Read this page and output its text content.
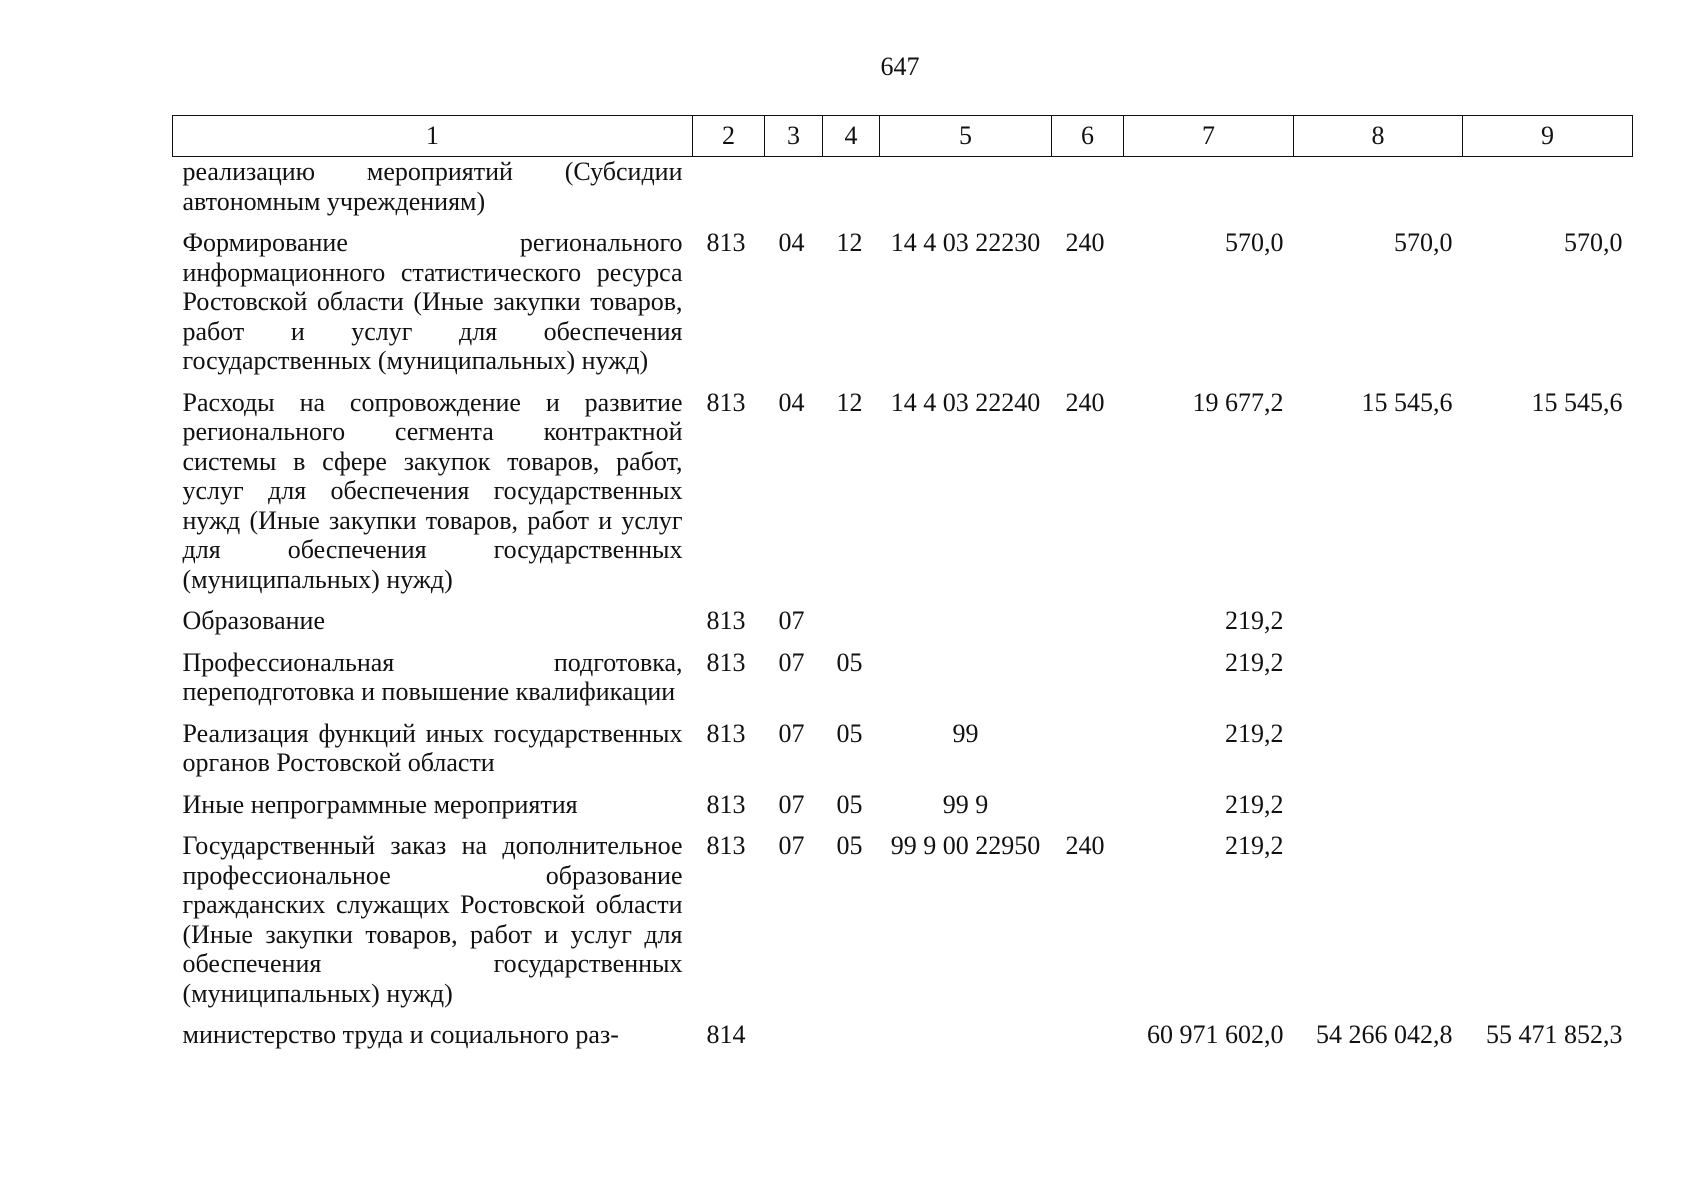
647
1	2	3	4	5	6	7	8	9
реализацию мероприятий (Субсидии автономным учреждениям)								
Формирование регионального информационного статистического ресурса Ростовской области (Иные закупки товаров, работ и услуг для обеспечения государственных (муниципальных) нужд)	813	04	12	14 4 03 22230	240	570,0	570,0	570,0
Расходы на сопровождение и развитие регионального сегмента контрактной системы в сфере закупок товаров, работ, услуг для обеспечения государственных нужд (Иные закупки товаров, работ и услуг для обеспечения государственных (муниципальных) нужд)	813	04	12	14 4 03 22240	240	19 677,2	15 545,6	15 545,6
Образование	813	07				219,2		
Профессиональная подготовка, переподготовка и повышение квалификации	813	07	05			219,2		
Реализация функций иных государственных органов Ростовской области	813	07	05	99		219,2		
Иные непрограммные мероприятия	813	07	05	99 9		219,2		
Государственный заказ на дополнительное профессиональное образование гражданских служащих Ростовской области (Иные закупки товаров, работ и услуг для обеспечения государственных (муниципальных) нужд)	813	07	05	99 9 00 22950	240	219,2		
министерство труда и социального раз-	814					60 971 602,0	54 266 042,8	55 471 852,3
